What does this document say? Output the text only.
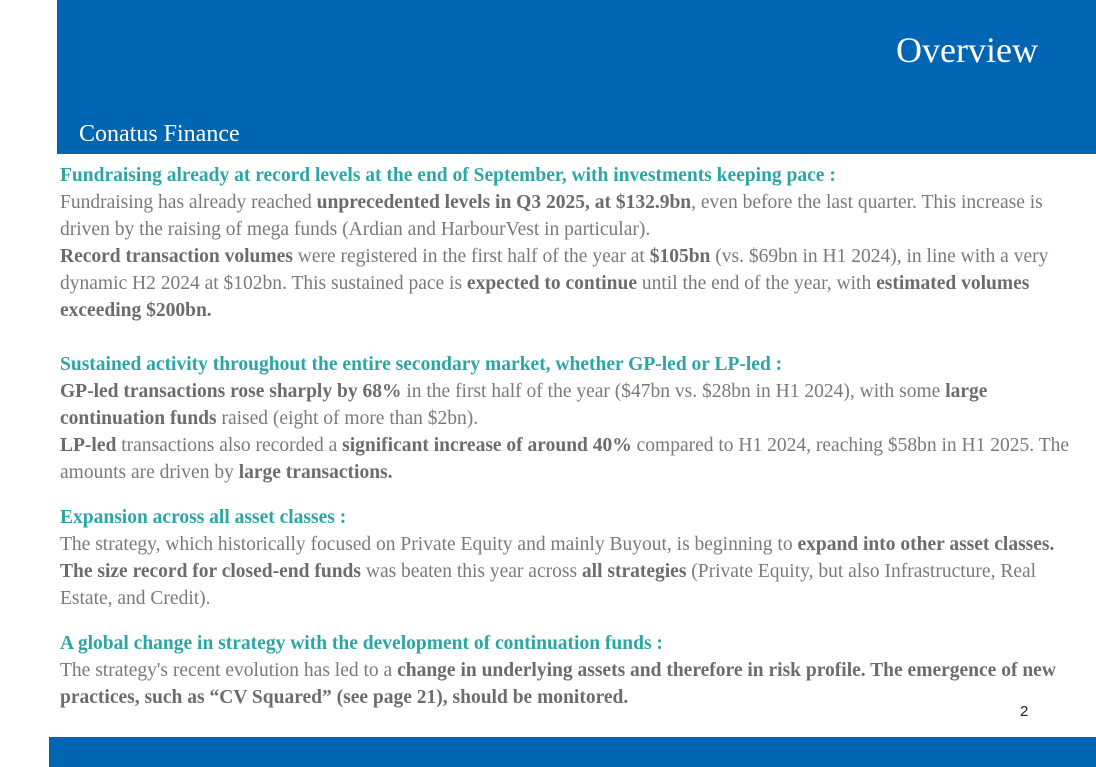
Overview
Conatus Finance
Fundraising already at record levels at the end of September, with investments keeping pace :

Fundraising has already reached unprecedented levels in Q3 2025, at $132.9bn, even before the last quarter. This increase is driven by the raising of mega funds (Ardian and HarbourVest in particular).

Record transaction volumes were registered in the first half of the year at $105bn (vs. $69bn in H1 2024), in line with a very dynamic H2 2024 at $102bn. This sustained pace is expected to continue until the end of the year, with estimated volumes exceeding $200bn.

Sustained activity throughout the entire secondary market, whether GP-led or LP-led :

GP-led transactions rose sharply by 68% in the first half of the year ($47bn vs. $28bn in H1 2024), with some large continuation funds raised (eight of more than $2bn).

LP-led transactions also recorded a significant increase of around 40% compared to H1 2024, reaching $58bn in H1 2025. The amounts are driven by large transactions.

Expansion across all asset classes :

The strategy, which historically focused on Private Equity and mainly Buyout, is beginning to expand into other asset classes. The size record for closed-end funds was beaten this year across all strategies (Private Equity, but also Infrastructure, Real Estate, and Credit).

A global change in strategy with the development of continuation funds :

The strategy's recent evolution has led to a change in underlying assets and therefore in risk profile. The emergence of new practices, such as “CV Squared” (see page 21), should be monitored.

2
